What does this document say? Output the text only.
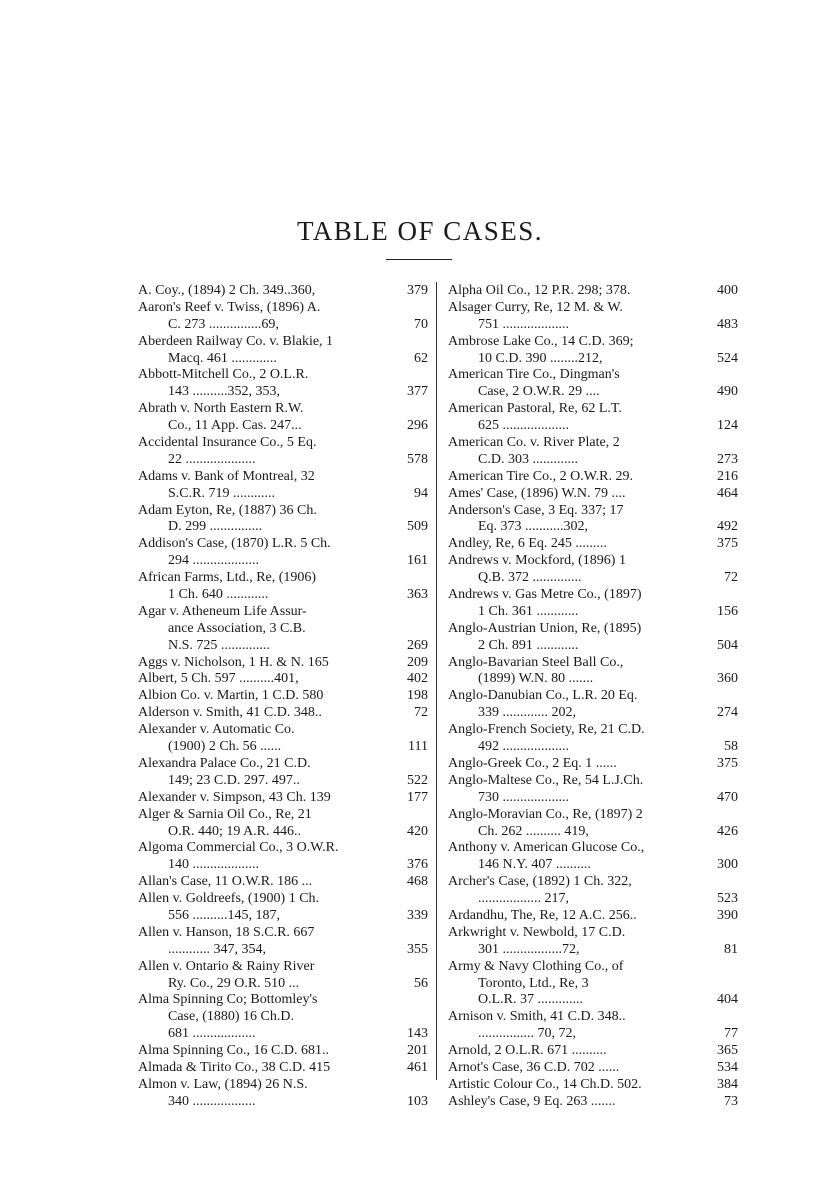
TABLE OF CASES.
A. Coy., (1894) 2 Ch. 349..360,	379
Aaron's Reef v. Twiss, (1896) A.
C. 273 ...............69,	70
Aberdeen Railway Co. v. Blakie, 1
Macq. 461 .............	62
Abbott-Mitchell Co., 2 O.L.R.
143 ..........352, 353,	377
Abrath v. North Eastern R.W.
Co., 11 App. Cas. 247...	296
Accidental Insurance Co., 5 Eq.
22 ....................	578
Adams v. Bank of Montreal, 32
S.C.R. 719 ............	94
Adam Eyton, Re, (1887) 36 Ch.
D. 299 ...............	509
Addison's Case, (1870) L.R. 5 Ch.
294 ...................	161
African Farms, Ltd., Re, (1906)
1 Ch. 640 ............	363
Agar v. Atheneum Life Assur-
ance Association, 3 C.B.
N.S. 725 ..............	269
Aggs v. Nicholson, 1 H. & N. 165	209
Albert, 5 Ch. 597 ..........401,	402
Albion Co. v. Martin, 1 C.D. 580	198
Alderson v. Smith, 41 C.D. 348..	72
Alexander v. Automatic Co.
(1900) 2 Ch. 56 ......	111
Alexandra Palace Co., 21 C.D.
149; 23 C.D. 297. 497..	522
Alexander v. Simpson, 43 Ch. 139	177
Alger & Sarnia Oil Co., Re, 21
O.R. 440; 19 A.R. 446..	420
Algoma Commercial Co., 3 O.W.R.
140 ...................	376
Allan's Case, 11 O.W.R. 186 ...	468
Allen v. Goldreefs, (1900) 1 Ch.
556 ..........145, 187,	339
Allen v. Hanson, 18 S.C.R. 667
............ 347, 354,	355
Allen v. Ontario & Rainy River
Ry. Co., 29 O.R. 510 ...	56
Alma Spinning Co; Bottomley's
Case, (1880) 16 Ch.D.
681 ..................	143
Alma Spinning Co., 16 C.D. 681..	201
Almada & Tirito Co., 38 C.D. 415	461
Almon v. Law, (1894) 26 N.S.
340 ..................	103
Alpha Oil Co., 12 P.R. 298; 378.	400
Alsager Curry, Re, 12 M. & W.
751 ...................	483
Ambrose Lake Co., 14 C.D. 369;
10 C.D. 390 ........212,	524
American Tire Co., Dingman's
Case, 2 O.W.R. 29 ....	490
American Pastoral, Re, 62 L.T.
625 ...................	124
American Co. v. River Plate, 2
C.D. 303 .............	273
American Tire Co., 2 O.W.R. 29.	216
Ames' Case, (1896) W.N. 79 ....	464
Anderson's Case, 3 Eq. 337; 17
Eq. 373 ...........302,	492
Andley, Re, 6 Eq. 245 .........	375
Andrews v. Mockford, (1896) 1
Q.B. 372 ..............	72
Andrews v. Gas Metre Co., (1897)
1 Ch. 361 ............	156
Anglo-Austrian Union, Re, (1895)
2 Ch. 891 ............	504
Anglo-Bavarian Steel Ball Co.,
(1899) W.N. 80 .......	360
Anglo-Danubian Co., L.R. 20 Eq.
339 ............. 202,	274
Anglo-French Society, Re, 21 C.D.
492 ...................	58
Anglo-Greek Co., 2 Eq. 1 ......	375
Anglo-Maltese Co., Re, 54 L.J.Ch.
730 ...................	470
Anglo-Moravian Co., Re, (1897) 2
Ch. 262 .......... 419,	426
Anthony v. American Glucose Co.,
146 N.Y. 407 ..........	300
Archer's Case, (1892) 1 Ch. 322,
.................. 217,	523
Ardandhu, The, Re, 12 A.C. 256..	390
Arkwright v. Newbold, 17 C.D.
301 .................72,	81
Army & Navy Clothing Co., of
Toronto, Ltd., Re, 3
O.L.R. 37 .............	404
Arnison v. Smith, 41 C.D. 348..
................ 70, 72,	77
Arnold, 2 O.L.R. 671 ..........	365
Arnot's Case, 36 C.D. 702 ......	534
Artistic Colour Co., 14 Ch.D. 502.	384
Ashley's Case, 9 Eq. 263 .......	73
